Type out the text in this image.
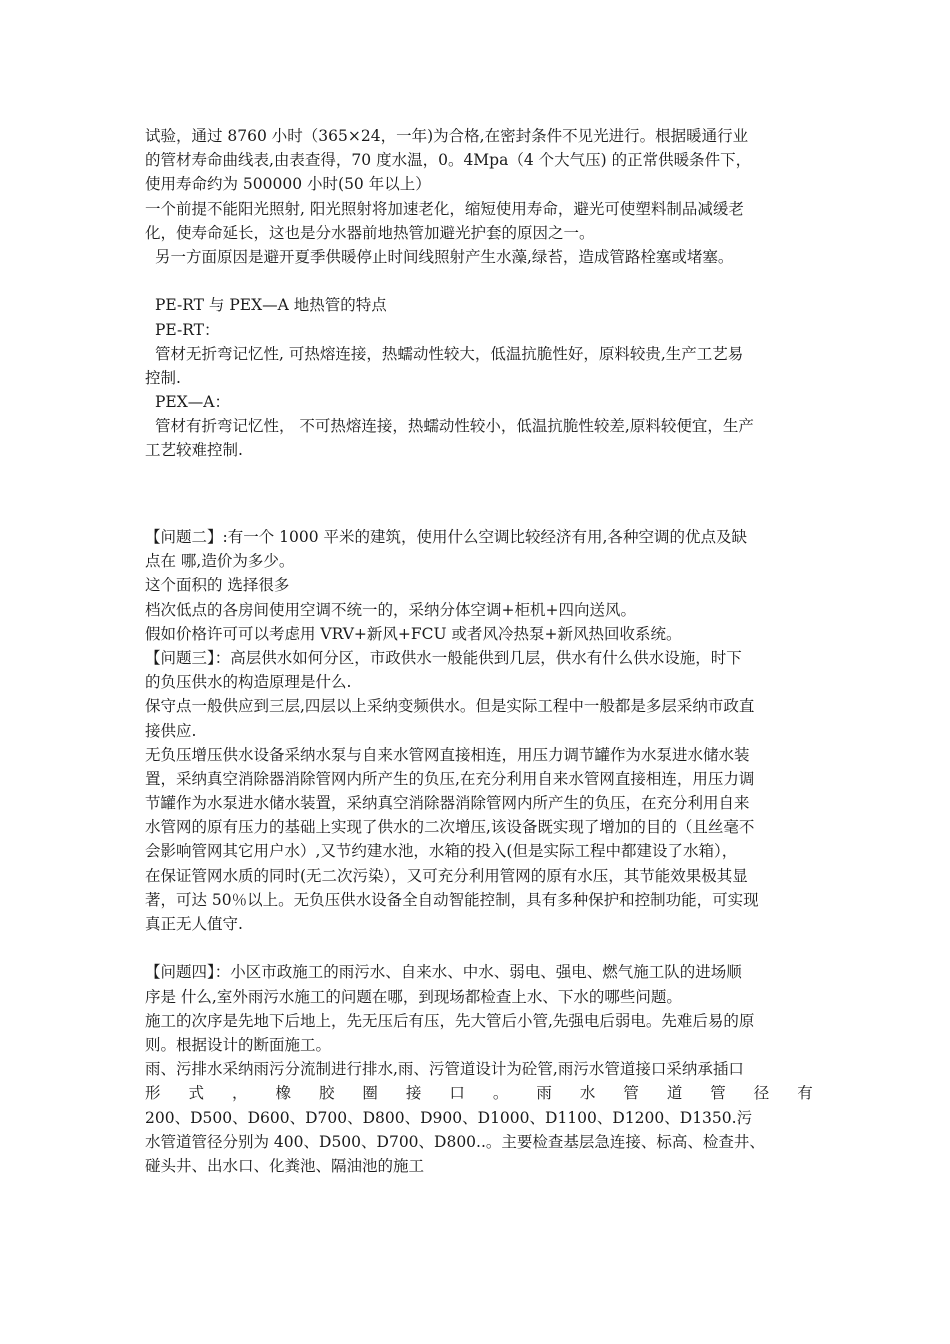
试验，通过 8760 小时（365×24，一年)为合格,在密封条件不见光进行。根据暖通行业
的管材寿命曲线表,由表查得，70 度水温，0。4Mpa（4 个大气压) 的正常供暖条件下，
使用寿命约为 500000 小时(50 年以上）
一个前提不能阳光照射, 阳光照射将加速老化，缩短使用寿命，避光可使塑料制品减缓老
化，使寿命延长，这也是分水器前地热管加避光护套的原因之一。
另一方面原因是避开夏季供暖停止时间线照射产生水藻,绿苔，造成管路栓塞或堵塞。
PE-RT 与 PEX—A 地热管的特点
PE-RT：
管材无折弯记忆性, 可热熔连接，热蠕动性较大，低温抗脆性好，原料较贵,生产工艺易
控制.
PEX—A：
管材有折弯记忆性， 不可热熔连接，热蠕动性较小，低温抗脆性较差,原料较便宜，生产
工艺较难控制.
【问题二】:有一个 1000 平米的建筑，使用什么空调比较经济有用,各种空调的优点及缺
点在 哪,造价为多少。
这个面积的 选择很多
档次低点的各房间使用空调不统一的，采纳分体空调+柜机+四向送风。
假如价格许可可以考虑用 VRV+新风+FCU 或者风冷热泵+新风热回收系统。
【问题三】：高层供水如何分区，市政供水一般能供到几层，供水有什么供水设施，时下
的负压供水的构造原理是什么.
保守点一般供应到三层,四层以上采纳变频供水。但是实际工程中一般都是多层采纳市政直
接供应.
无负压增压供水设备采纳水泵与自来水管网直接相连，用压力调节罐作为水泵进水储水装
置，采纳真空消除器消除管网内所产生的负压,在充分利用自来水管网直接相连，用压力调
节罐作为水泵进水储水装置，采纳真空消除器消除管网内所产生的负压，在充分利用自来
水管网的原有压力的基础上实现了供水的二次增压,该设备既实现了增加的目的（且丝毫不
会影响管网其它用户水）,又节约建水池，水箱的投入(但是实际工程中都建设了水箱），
在保证管网水质的同时(无二次污染），又可充分利用管网的原有水压，其节能效果极其显
著，可达 50％以上。无负压供水设备全自动智能控制，具有多种保护和控制功能，可实现
真正无人值守.
【问题四】：小区市政施工的雨污水、自来水、中水、弱电、强电、燃气施工队的进场顺
序是 什么,室外雨污水施工的问题在哪，到现场都检查上水、下水的哪些问题。
施工的次序是先地下后地上，先无压后有压，先大管后小管,先强电后弱电。先难后易的原
则。根据设计的断面施工。
雨、污排水采纳雨污分流制进行排水,雨、污管道设计为砼管,雨污水管道接口采纳承插口
形 式 ， 橡 胶 圈 接 口 。 雨 水 管 道 管 径 有
200、D500、D600、D700、D800、D900、D1000、D1100、D1200、D1350.污
水管道管径分别为 400、D500、D700、D800..。主要检查基层急连接、标高、检查井、
碰头井、出水口、化粪池、隔油池的施工
